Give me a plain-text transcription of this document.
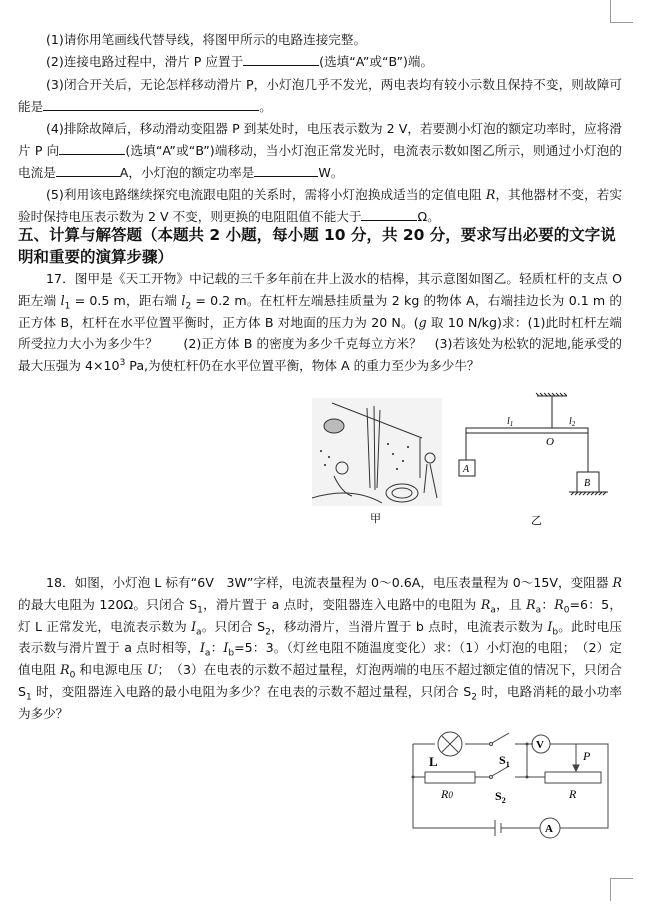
(1)请你用笔画线代替导线，将图甲所示的电路连接完整。
(2)连接电路过程中，滑片 P 应置于	(选填“A”或“B”)端。
(3)闭合开关后，无论怎样移动滑片 P，小灯泡几乎不发光，两电表均有较小示数且保持不变，则故障可能是	。
(4)排除故障后，移动滑动变阻器 P 到某处时，电压表示数为 2 V，若要测小灯泡的额定功率时，应将滑片 P 向	(选填“A”或“B”)端移动，当小灯泡正常发光时，电流表示数如图乙所示，则通过小灯泡的电流是	A，小灯泡的额定功率是	W。
(5)利用该电路继续探究电流跟电阻的关系时，需将小灯泡换成适当的定值电阻 R，其他器材不变，若实验时保持电压表示数为 2 V 不变，则更换的电阻阻值不能大于	Ω。
五、计算与解答题（本题共 2 小题，每小题 10 分，共 20 分，要求写出必要的文字说明和重要的演算步骤）
17．图甲是《天工开物》中记载的三千多年前在井上汲水的桔槔，其示意图如图乙。轻质杠杆的支点 O 距左端 $l_1 = 0.5$ m，距右端 $l_2 = 0.2$ m。在杠杆左端悬挂质量为 2 kg 的物体 A，右端挂边长为 0.1 m 的正方体 B，杠杆在水平位置平衡时，正方体 B 对地面的压力为 20 N。(g 取 10 N/kg)求：(1)此时杠杆左端所受拉力大小为多少牛？　　(2)正方体 B 的密度为多少千克每立方米？　(3)若该处为松软的泥地,能承受的最大压强为 $4\times 10^3$ Pa,为使杠杆仍在水平位置平衡，物体 A 的重力至少为多少牛？
甲
$l_1$	$l_2$
O
A
B
乙
18．如图，小灯泡 L 标有“6V　3W”字样，电流表量程为 0～0.6A，电压表量程为 0～15V，变阻器 R 的最大电阻为 120Ω。只闭合 $S_1$，滑片置于 a 点时，变阻器连入电路中的电阻为 $R_a$，且 $R_a$：$R_0=6$：5，灯 L 正常发光，电流表示数为 $I_a$。只闭合 $S_2$，移动滑片，当滑片置于 b 点时，电流表示数为 $I_b$。此时电压表示数与滑片置于 a 点时相等，$I_a$：$I_b=5$：3。（灯丝电阻不随温度变化）求：（1）小灯泡的电阻；　（2）定值电阻 $R_0$ 和电源电压 U；　（3）在电表的示数不超过量程，灯泡两端的电压不超过额定值的情况下，只闭合 $S_1$ 时，变阻器连入电路的最小电阻为多少？在电表的示数不超过量程，只闭合 $S_2$ 时，电路消耗的最小功率为多少？
L	$S_1$
$S_2$
V
A
P
R0	R
